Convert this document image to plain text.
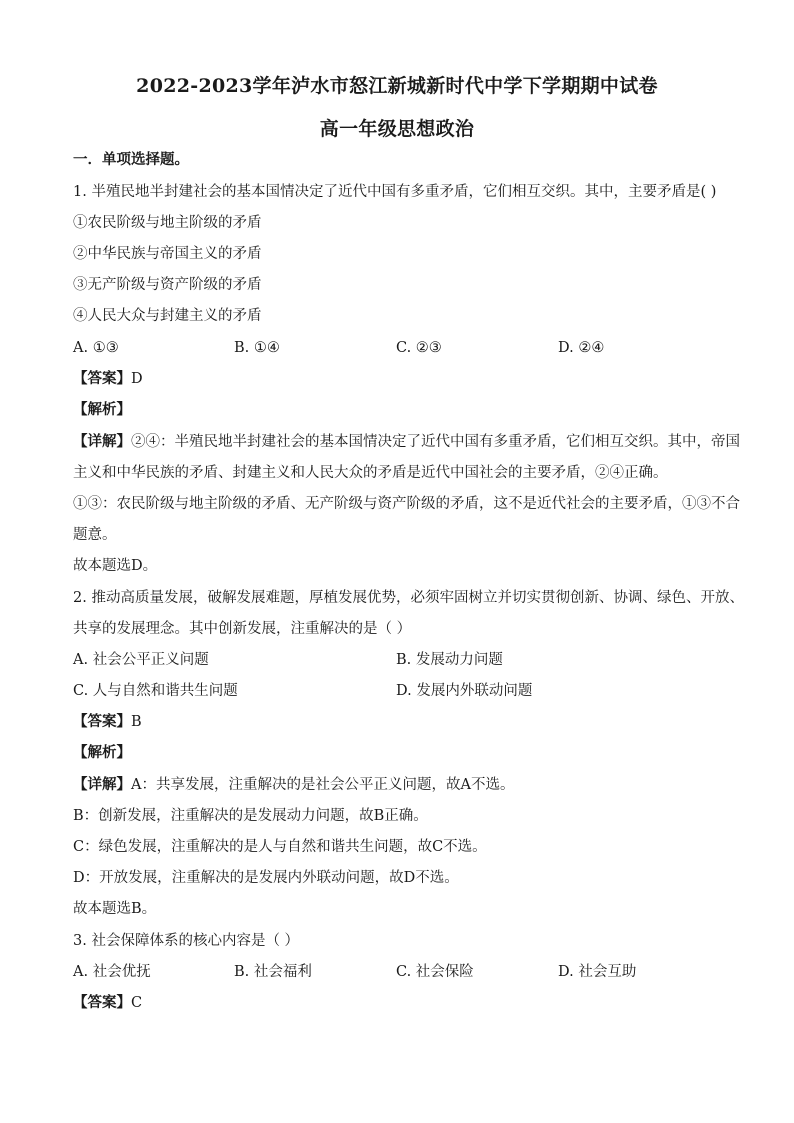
2022-2023学年泸水市怒江新城新时代中学下学期期中试卷
高一年级思想政治
一．单项选择题。
1. 半殖民地半封建社会的基本国情决定了近代中国有多重矛盾，它们相互交织。其中，主要矛盾是( )
①农民阶级与地主阶级的矛盾
②中华民族与帝国主义的矛盾
③无产阶级与资产阶级的矛盾
④人民大众与封建主义的矛盾
A. ①③	B. ①④	C. ②③	D. ②④
【答案】D
【解析】
【详解】②④：半殖民地半封建社会的基本国情决定了近代中国有多重矛盾，它们相互交织。其中，帝国
主义和中华民族的矛盾、封建主义和人民大众的矛盾是近代中国社会的主要矛盾，②④正确。
①③：农民阶级与地主阶级的矛盾、无产阶级与资产阶级的矛盾，这不是近代社会的主要矛盾，①③不合
题意。
故本题选D。
2. 推动高质量发展，破解发展难题，厚植发展优势，必须牢固树立并切实贯彻创新、协调、绿色、开放、
共享的发展理念。其中创新发展，注重解决的是（ ）
A. 社会公平正义问题	B. 发展动力问题
C. 人与自然和谐共生问题	D. 发展内外联动问题
【答案】B
【解析】
【详解】A：共享发展，注重解决的是社会公平正义问题，故A不选。
B：创新发展，注重解决的是发展动力问题，故B正确。
C：绿色发展，注重解决的是人与自然和谐共生问题，故C不选。
D：开放发展，注重解决的是发展内外联动问题，故D不选。
故本题选B。
3. 社会保障体系的核心内容是（ ）
A. 社会优抚	B. 社会福利	C. 社会保险	D. 社会互助
【答案】C
